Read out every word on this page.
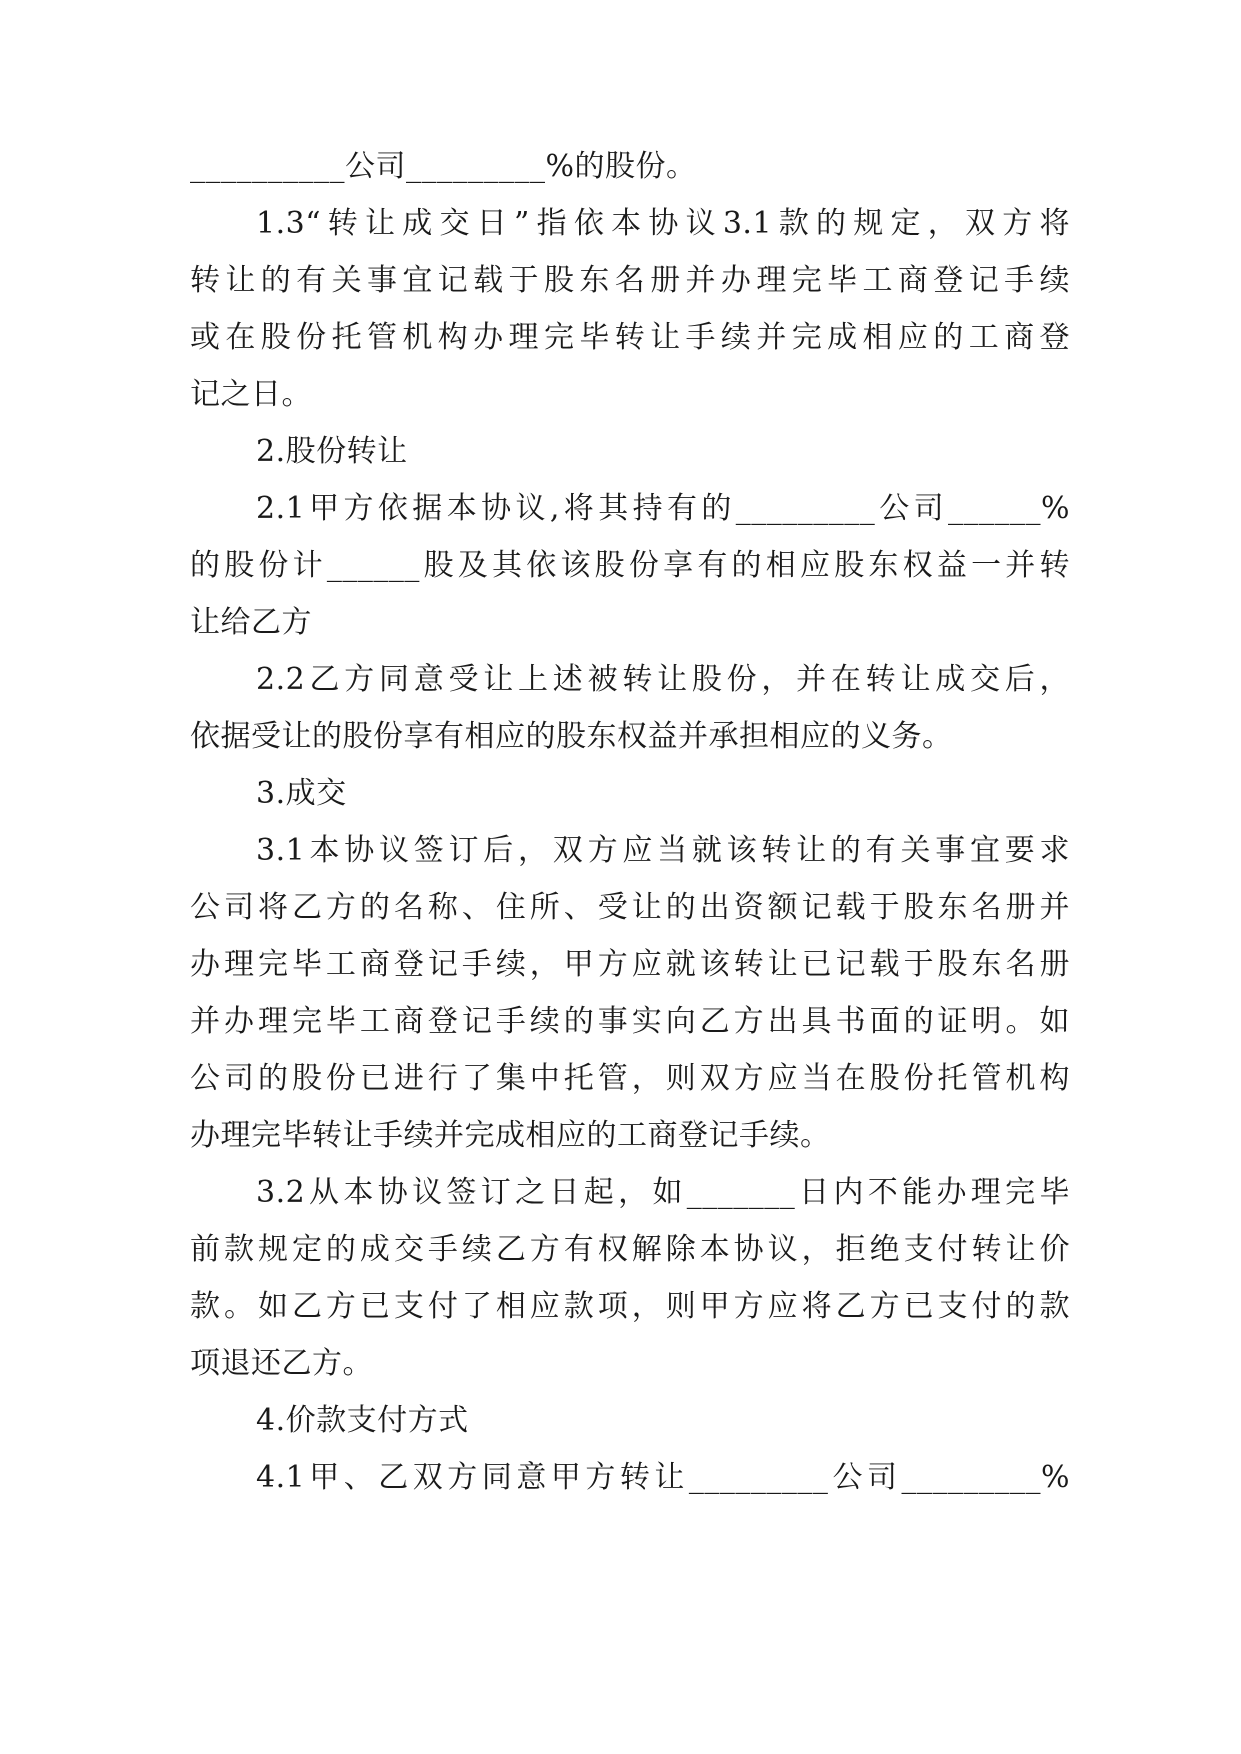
__________公司_________%的股份。
1.3“转让成交日”指依本协议3.1款的规定，双方将
转让的有关事宜记载于股东名册并办理完毕工商登记手续
或在股份托管机构办理完毕转让手续并完成相应的工商登
记之日。
2.股份转让
2.1甲方依据本协议,将其持有的_________公司______%
的股份计______股及其依该股份享有的相应股东权益一并转
让给乙方
2.2乙方同意受让上述被转让股份，并在转让成交后，
依据受让的股份享有相应的股东权益并承担相应的义务。
3.成交
3.1本协议签订后，双方应当就该转让的有关事宜要求
公司将乙方的名称、住所、受让的出资额记载于股东名册并
办理完毕工商登记手续，甲方应就该转让已记载于股东名册
并办理完毕工商登记手续的事实向乙方出具书面的证明。如
公司的股份已进行了集中托管，则双方应当在股份托管机构
办理完毕转让手续并完成相应的工商登记手续。
3.2从本协议签订之日起，如_______日内不能办理完毕
前款规定的成交手续乙方有权解除本协议，拒绝支付转让价
款。如乙方已支付了相应款项，则甲方应将乙方已支付的款
项退还乙方。
4.价款支付方式
4.1甲、乙双方同意甲方转让_________公司_________%
